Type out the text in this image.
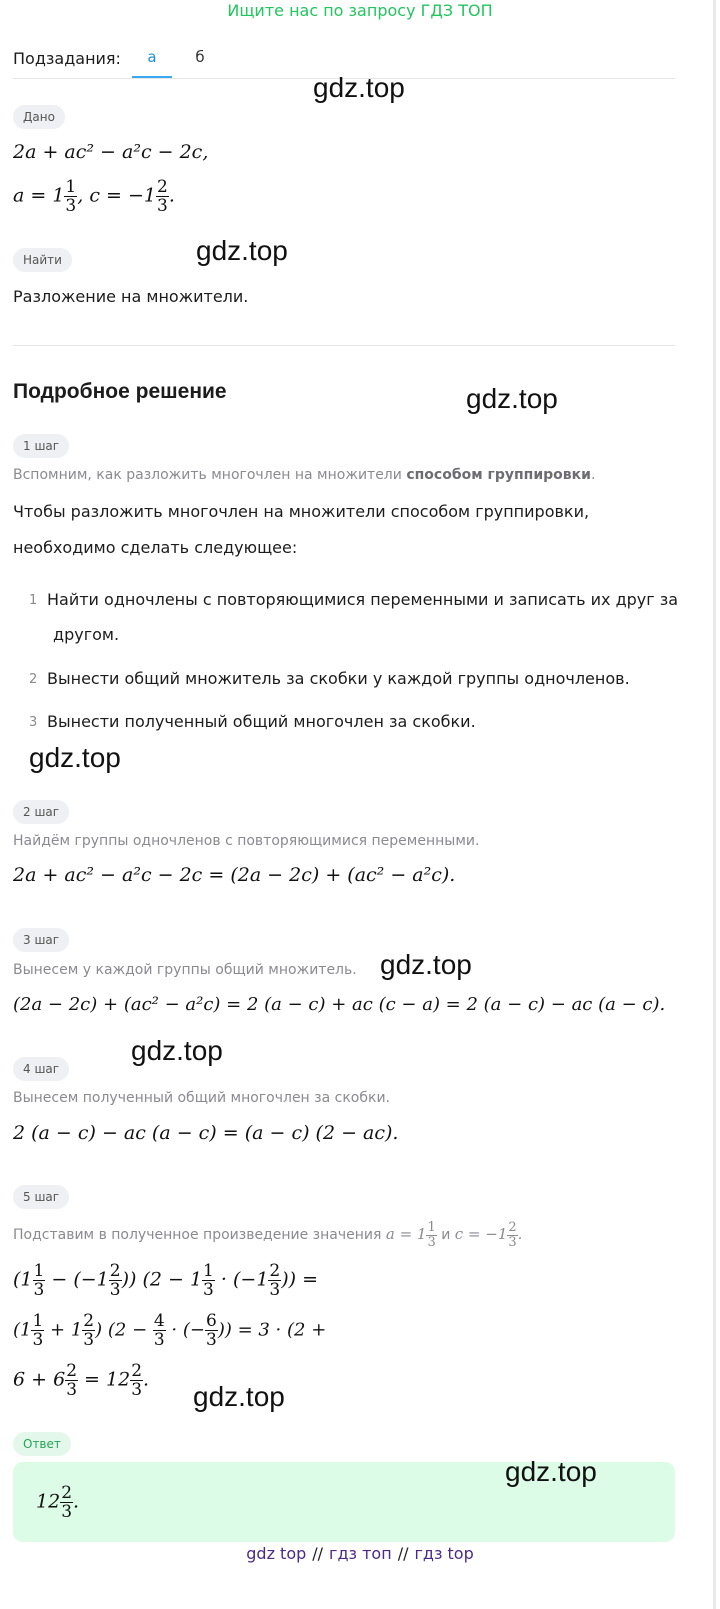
Ищите нас по запросу ГДЗ ТОП
Подзадания:	а	б
gdz.top
Дано
2a + ac² − a²c − 2c,
$a = 1 \frac{1}{3}$ , $c = -1 \frac{2}{3}$ .
Найти	gdz.top
Разложение на множители.
Подробное решение	gdz.top
1 шаг
Вспомним, как разложить многочлен на множители способом группировки.
Чтобы разложить многочлен на множители способом группировки,
необходимо сделать следующее:
1 Найти одночлены с повторяющимися переменными и записать их друг за
другом.
2 Вынести общий множитель за скобки у каждой группы одночленов.
3 Вынести полученный общий многочлен за скобки.
gdz.top
2 шаг
Найдём группы одночленов с повторяющимися переменными.
2a + ac² − a²c − 2c = (2a − 2c) + (ac² − a²c).
3 шаг
Вынесем у каждой группы общий множитель. gdz.top
(2a − 2c) + (ac² − a²c) = 2 (a − c) + ac (c − a) = 2 (a − c) − ac (a − c).
gdz.top
4 шаг
Вынесем полученный общий многочлен за скобки.
2 (a − c) − ac (a − c) = (a − c) (2 − ac).
5 шаг
Подставим в полученное произведение значения $a = 1 \frac{1}{3}$ и $c = -1 \frac{2}{3}$ .
($1 \frac{1}{3} - (-1 \frac{2}{3}$ )) ($2 - 1 \frac{1}{3} \cdot (-1 \frac{2}{3}$ )) =
($1 \frac{1}{3} + 1 \frac{2}{3}$ ) ($2 - \frac{4}{3}$ · (− $\frac{6}{3}$ )) = 3 · (2 +
$6 + 6 \frac{2}{3} = 12 \frac{2}{3}$ .
gdz.top
Ответ
gdz.top
$12 \frac{2}{3}$ .
gdz top // гдз топ // гдз top
